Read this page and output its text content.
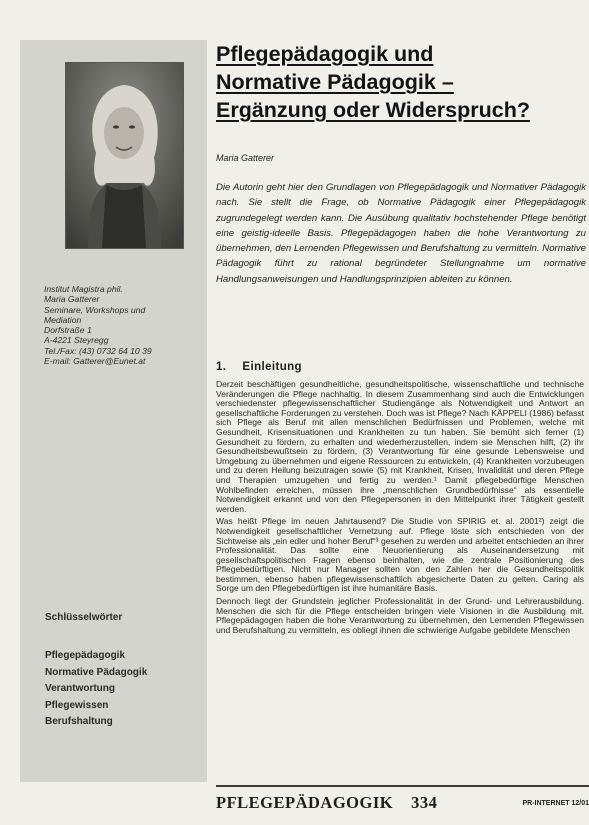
Institut Magistra phil.
Maria Gatterer
Seminare, Workshops und
Mediation
Dorfstraße 1
A-4221 Steyregg
Tel./Fax: (43) 0732 64 10 39
E-mail: Gatterer@Eunet.at
Schlüsselwörter
Pflegepädagogik
Normative Pädagogik
Verantwortung
Pflegewissen
Berufshaltung
Pflegepädagogik und
Normative Pädagogik –
Ergänzung oder Widerspruch?
Maria Gatterer
Die Autorin geht hier den Grundlagen von Pflegepädagogik und Normativer Pädagogik nach. Sie stellt die Frage, ob Normative Pädagogik einer Pflegepädagogik zugrundegelegt werden kann. Die Ausübung qualitativ hochstehender Pflege benötigt eine geistig-ideelle Basis. Pflegepädagogen haben die hohe Verantwortung zu übernehmen, den Lernenden Pflegewissen und Berufshaltung zu vermitteln. Normative Pädagogik führt zu rational begründeter Stellungnahme um normative Handlungsanweisungen und Handlungsprinzipien ableiten zu können.
1. Einleitung

Derzeit beschäftigen gesundheitliche, gesundheitspolitische, wissenschaftliche und technische Veränderungen die Pflege nachhaltig. In diesem Zusammenhang sind auch die Entwicklungen verschiedenster pflegewissenschaftlicher Studiengänge als Notwendigkeit und Antwort an gesellschaftliche Forderungen zu verstehen. Doch was ist Pflege? Nach KÄPPELI (1986) befasst sich Pflege als Beruf mit allen menschlichen Bedürfnissen und Problemen, welche mit Gesundheit, Krisensituationen und Krankheiten zu tun haben. Sie bemüht sich ferner (1) Gesundheit zu fördern, zu erhalten und wiederherzustellen, indem sie Menschen hilft, (2) ihr Gesundheitsbewußtsein zu fördern, (3) Verantwortung für eine gesunde Lebensweise und Umgebung zu übernehmen und eigene Ressourcen zu entwickeln, (4) Krankheiten vorzubeugen und zu deren Heilung beizutragen sowie (5) mit Krankheit, Krisen, Invalidität und deren Pflege und Therapien umzugehen und fertig zu werden.¹ Damit pflegebedürftige Menschen Wohlbefinden erreichen, müssen ihre „menschlichen Grundbedürfnisse“ als essentielle Notwendigkeit erkannt und von den Pflegepersonen in den Mittelpunkt ihrer Tätigkeit gestellt werden.

Was heißt Pflege im neuen Jahrtausend? Die Studie von SPIRIG et. al. 2001²) zeigt die Notwendigkeit gesellschaftlicher Vernetzung auf. Pflege löste sich entschieden von der Sichtweise als „ein edler und hoher Beruf“³ gesehen zu werden und arbeitet entschieden an ihrer Professionalität. Das sollte eine Neuorientierung als Auseinandersetzung mit gesellschaftspolitischen Fragen ebenso beinhalten, wie die zentrale Positionierung des Pflegebedürftigen. Nicht nur Manager sollten von den Zahlen her die Gesundheitspolitik bestimmen, ebenso haben pflegewissenschaftlich abgesicherte Daten zu gelten. Caring als Sorge um den Pflegebedürftigen ist ihre humanitäre Basis.

Dennoch liegt der Grundstein jeglicher Professionalität in der Grund- und Lehrerausbildung. Menschen die sich für die Pflege entscheiden bringen viele Visionen in die Ausbildung mit. Pflegepädagogen haben die hohe Verantwortung zu übernehmen, den Lernenden Pflegewissen und Berufshaltung zu vermitteln, es obliegt ihnen die schwierige Aufgabe gebildete Menschen

PFLEGEPÄDAGOGIK 334	PR-INTERNET 12/01
